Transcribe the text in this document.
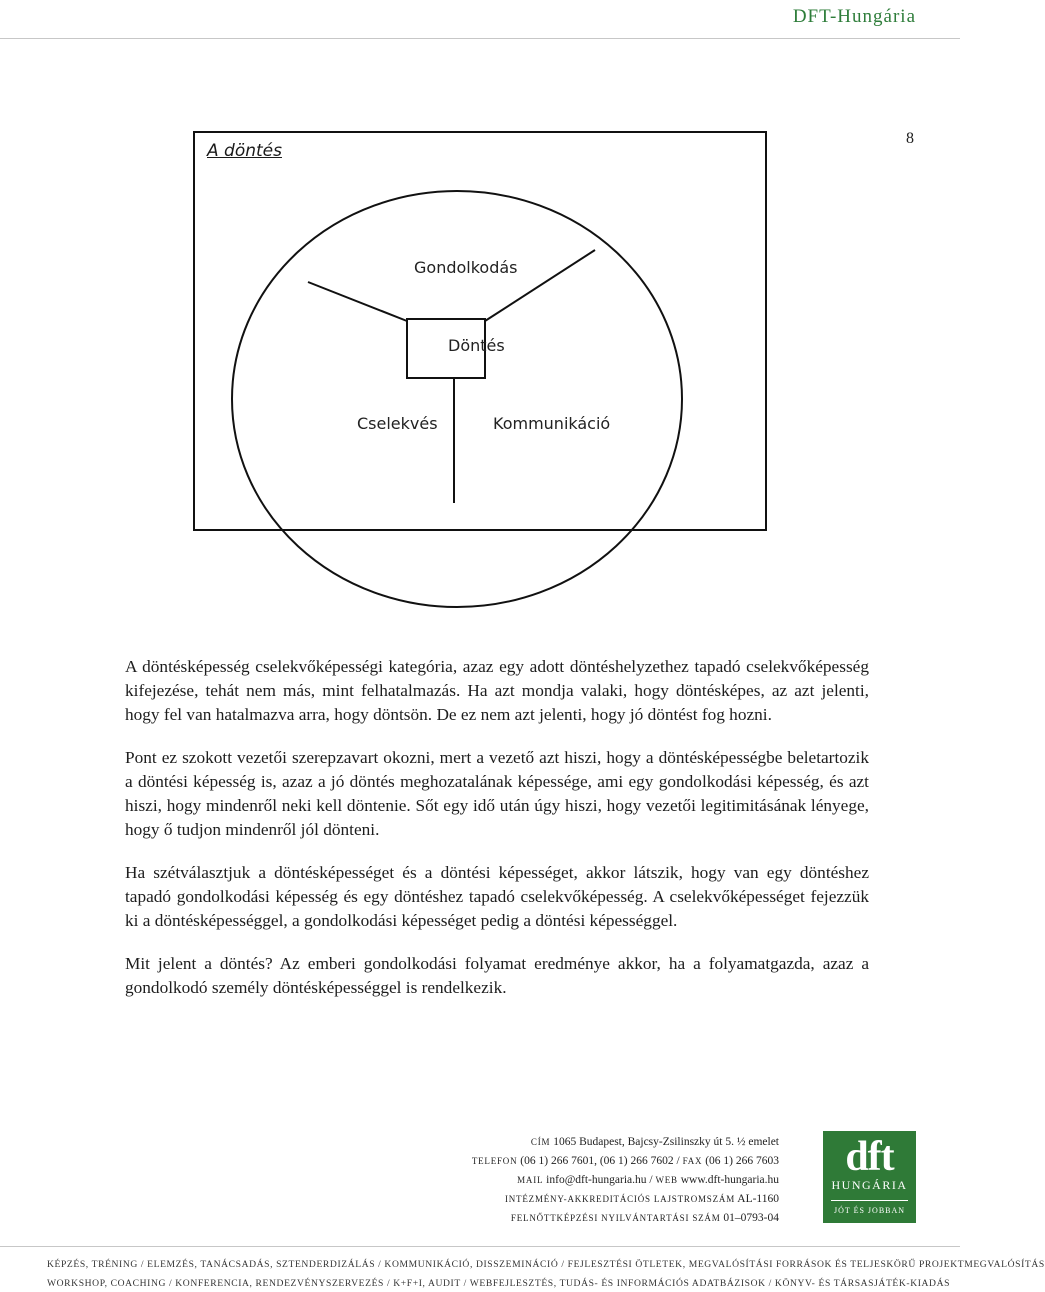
DFT-Hungária
8
A döntés
Gondolkodás
Döntés
Cselekvés	Kommunikáció

A döntésképesség cselekvőképességi kategória, azaz egy adott döntéshelyzethez tapadó cselekvőképesség kifejezése, tehát nem más, mint felhatalmazás. Ha azt mondja valaki, hogy döntésképes, az azt jelenti, hogy fel van hatalmazva arra, hogy döntsön. De ez nem azt jelenti, hogy jó döntést fog hozni.

Pont ez szokott vezetői szerepzavart okozni, mert a vezető azt hiszi, hogy a döntésképességbe beletartozik a döntési képesség is, azaz a jó döntés meghozatalának képessége, ami egy gondolkodási képesség, és azt hiszi, hogy mindenről neki kell döntenie. Sőt egy idő után úgy hiszi, hogy vezetői legitimitásának lényege, hogy ő tudjon mindenről jól dönteni.

Ha szétválasztjuk a döntésképességet és a döntési képességet, akkor látszik, hogy van egy döntéshez tapadó gondolkodási képesség és egy döntéshez tapadó cselekvőképesség. A cselekvőképességet fejezzük ki a döntésképességgel, a gondolkodási képességet pedig a döntési képességgel.

Mit jelent a döntés? Az emberi gondolkodási folyamat eredménye akkor, ha a folyamatgazda, azaz a gondolkodó személy döntésképességgel is rendelkezik.

CÍM 1065 Budapest, Bajcsy-Zsilinszky út 5. ½ emelet
TELEFON (06 1) 266 7601, (06 1) 266 7602 / FAX (06 1) 266 7603
MAIL info@dft-hungaria.hu / WEB www.dft-hungaria.hu
INTÉZMÉNY-AKKREDITÁCIÓS LAJSTROMSZÁM AL-1160
FELNŐTTKÉPZÉSI NYILVÁNTARTÁSI SZÁM 01–0793-04
dft
HUNGÁRIA
JÓT ÉS JOBBAN
KÉPZÉS, TRÉNING / ELEMZÉS, TANÁCSADÁS, SZTENDERDIZÁLÁS / KOMMUNIKÁCIÓ, DISSZEMINÁCIÓ / FEJLESZTÉSI ÖTLETEK, MEGVALÓSÍTÁSI FORRÁSOK ÉS TELJESKÖRŰ PROJEKTMEGVALÓSÍTÁS
WORKSHOP, COACHING / KONFERENCIA, RENDEZVÉNYSZERVEZÉS / K+F+I, AUDIT / WEBFEJLESZTÉS, TUDÁS- ÉS INFORMÁCIÓS ADATBÁZISOK / KÖNYV- ÉS TÁRSASJÁTÉK-KIADÁS
